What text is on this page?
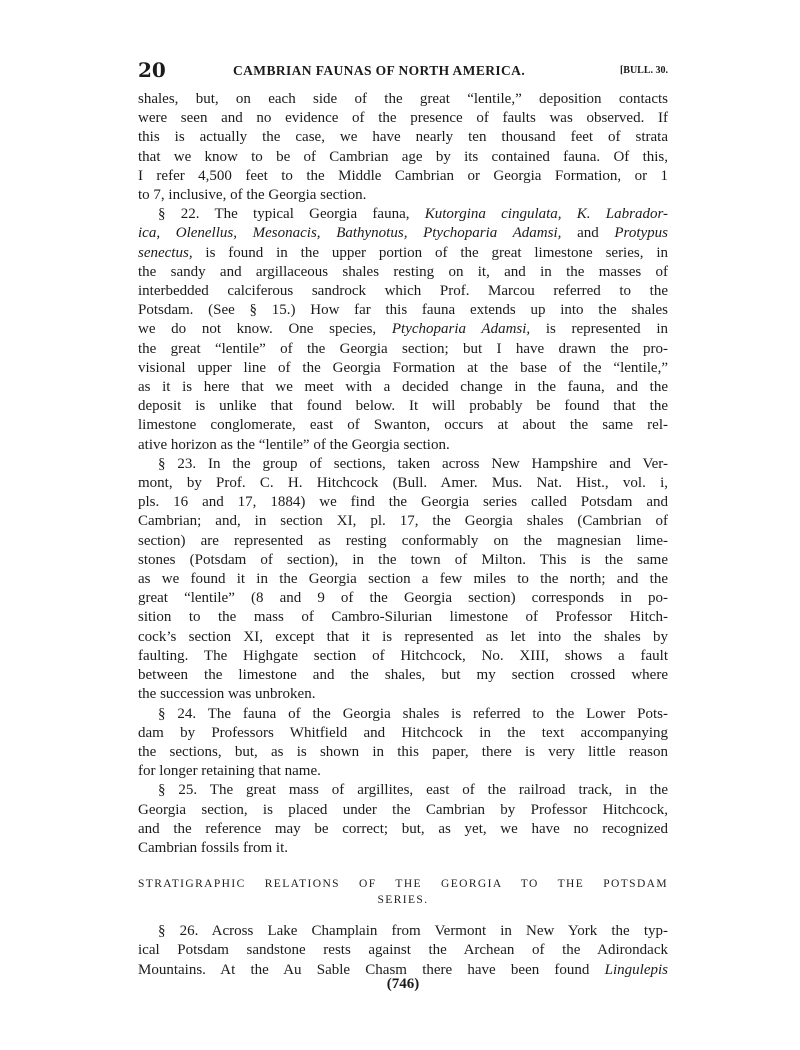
20	CAMBRIAN FAUNAS OF NORTH AMERICA.	[BULL. 30.

shales, but, on each side of the great “lentile,” deposition contacts
were seen and no evidence of the presence of faults was observed. If
this is actually the case, we have nearly ten thousand feet of strata
that we know to be of Cambrian age by its contained fauna. Of this,
I refer 4,500 feet to the Middle Cambrian or Georgia Formation, or 1
to 7, inclusive, of the Georgia section.

§ 22. The typical Georgia fauna, Kutorgina cingulata, K. Labrador-
ica, Olenellus, Mesonacis, Bathynotus, Ptychoparia Adamsi, and Protypus
senectus, is found in the upper portion of the great limestone series, in
the sandy and argillaceous shales resting on it, and in the masses of
interbedded calciferous sandrock which Prof. Marcou referred to the
Potsdam. (See § 15.) How far this fauna extends up into the shales
we do not know. One species, Ptychoparia Adamsi, is represented in
the great “lentile” of the Georgia section; but I have drawn the pro-
visional upper line of the Georgia Formation at the base of the “lentile,”
as it is here that we meet with a decided change in the fauna, and the
deposit is unlike that found below. It will probably be found that the
limestone conglomerate, east of Swanton, occurs at about the same rel-
ative horizon as the “lentile” of the Georgia section.

§ 23. In the group of sections, taken across New Hampshire and Ver-
mont, by Prof. C. H. Hitchcock (Bull. Amer. Mus. Nat. Hist., vol. i,
pls. 16 and 17, 1884) we find the Georgia series called Potsdam and
Cambrian; and, in section XI, pl. 17, the Georgia shales (Cambrian of
section) are represented as resting conformably on the magnesian lime-
stones (Potsdam of section), in the town of Milton. This is the same
as we found it in the Georgia section a few miles to the north; and the
great “lentile” (8 and 9 of the Georgia section) corresponds in po-
sition to the mass of Cambro-Silurian limestone of Professor Hitch-
cock’s section XI, except that it is represented as let into the shales by
faulting. The Highgate section of Hitchcock, No. XIII, shows a fault
between the limestone and the shales, but my section crossed where
the succession was unbroken.

§ 24. The fauna of the Georgia shales is referred to the Lower Pots-
dam by Professors Whitfield and Hitchcock in the text accompanying
the sections, but, as is shown in this paper, there is very little reason
for longer retaining that name.

§ 25. The great mass of argillites, east of the railroad track, in the
Georgia section, is placed under the Cambrian by Professor Hitchcock,
and the reference may be correct; but, as yet, we have no recognized
Cambrian fossils from it.

STRATIGRAPHIC RELATIONS OF THE GEORGIA TO THE POTSDAM
SERIES.

§ 26. Across Lake Champlain from Vermont in New York the typ-
ical Potsdam sandstone rests against the Archean of the Adirondack
Mountains. At the Au Sable Chasm there have been found Lingulepis

(746)
